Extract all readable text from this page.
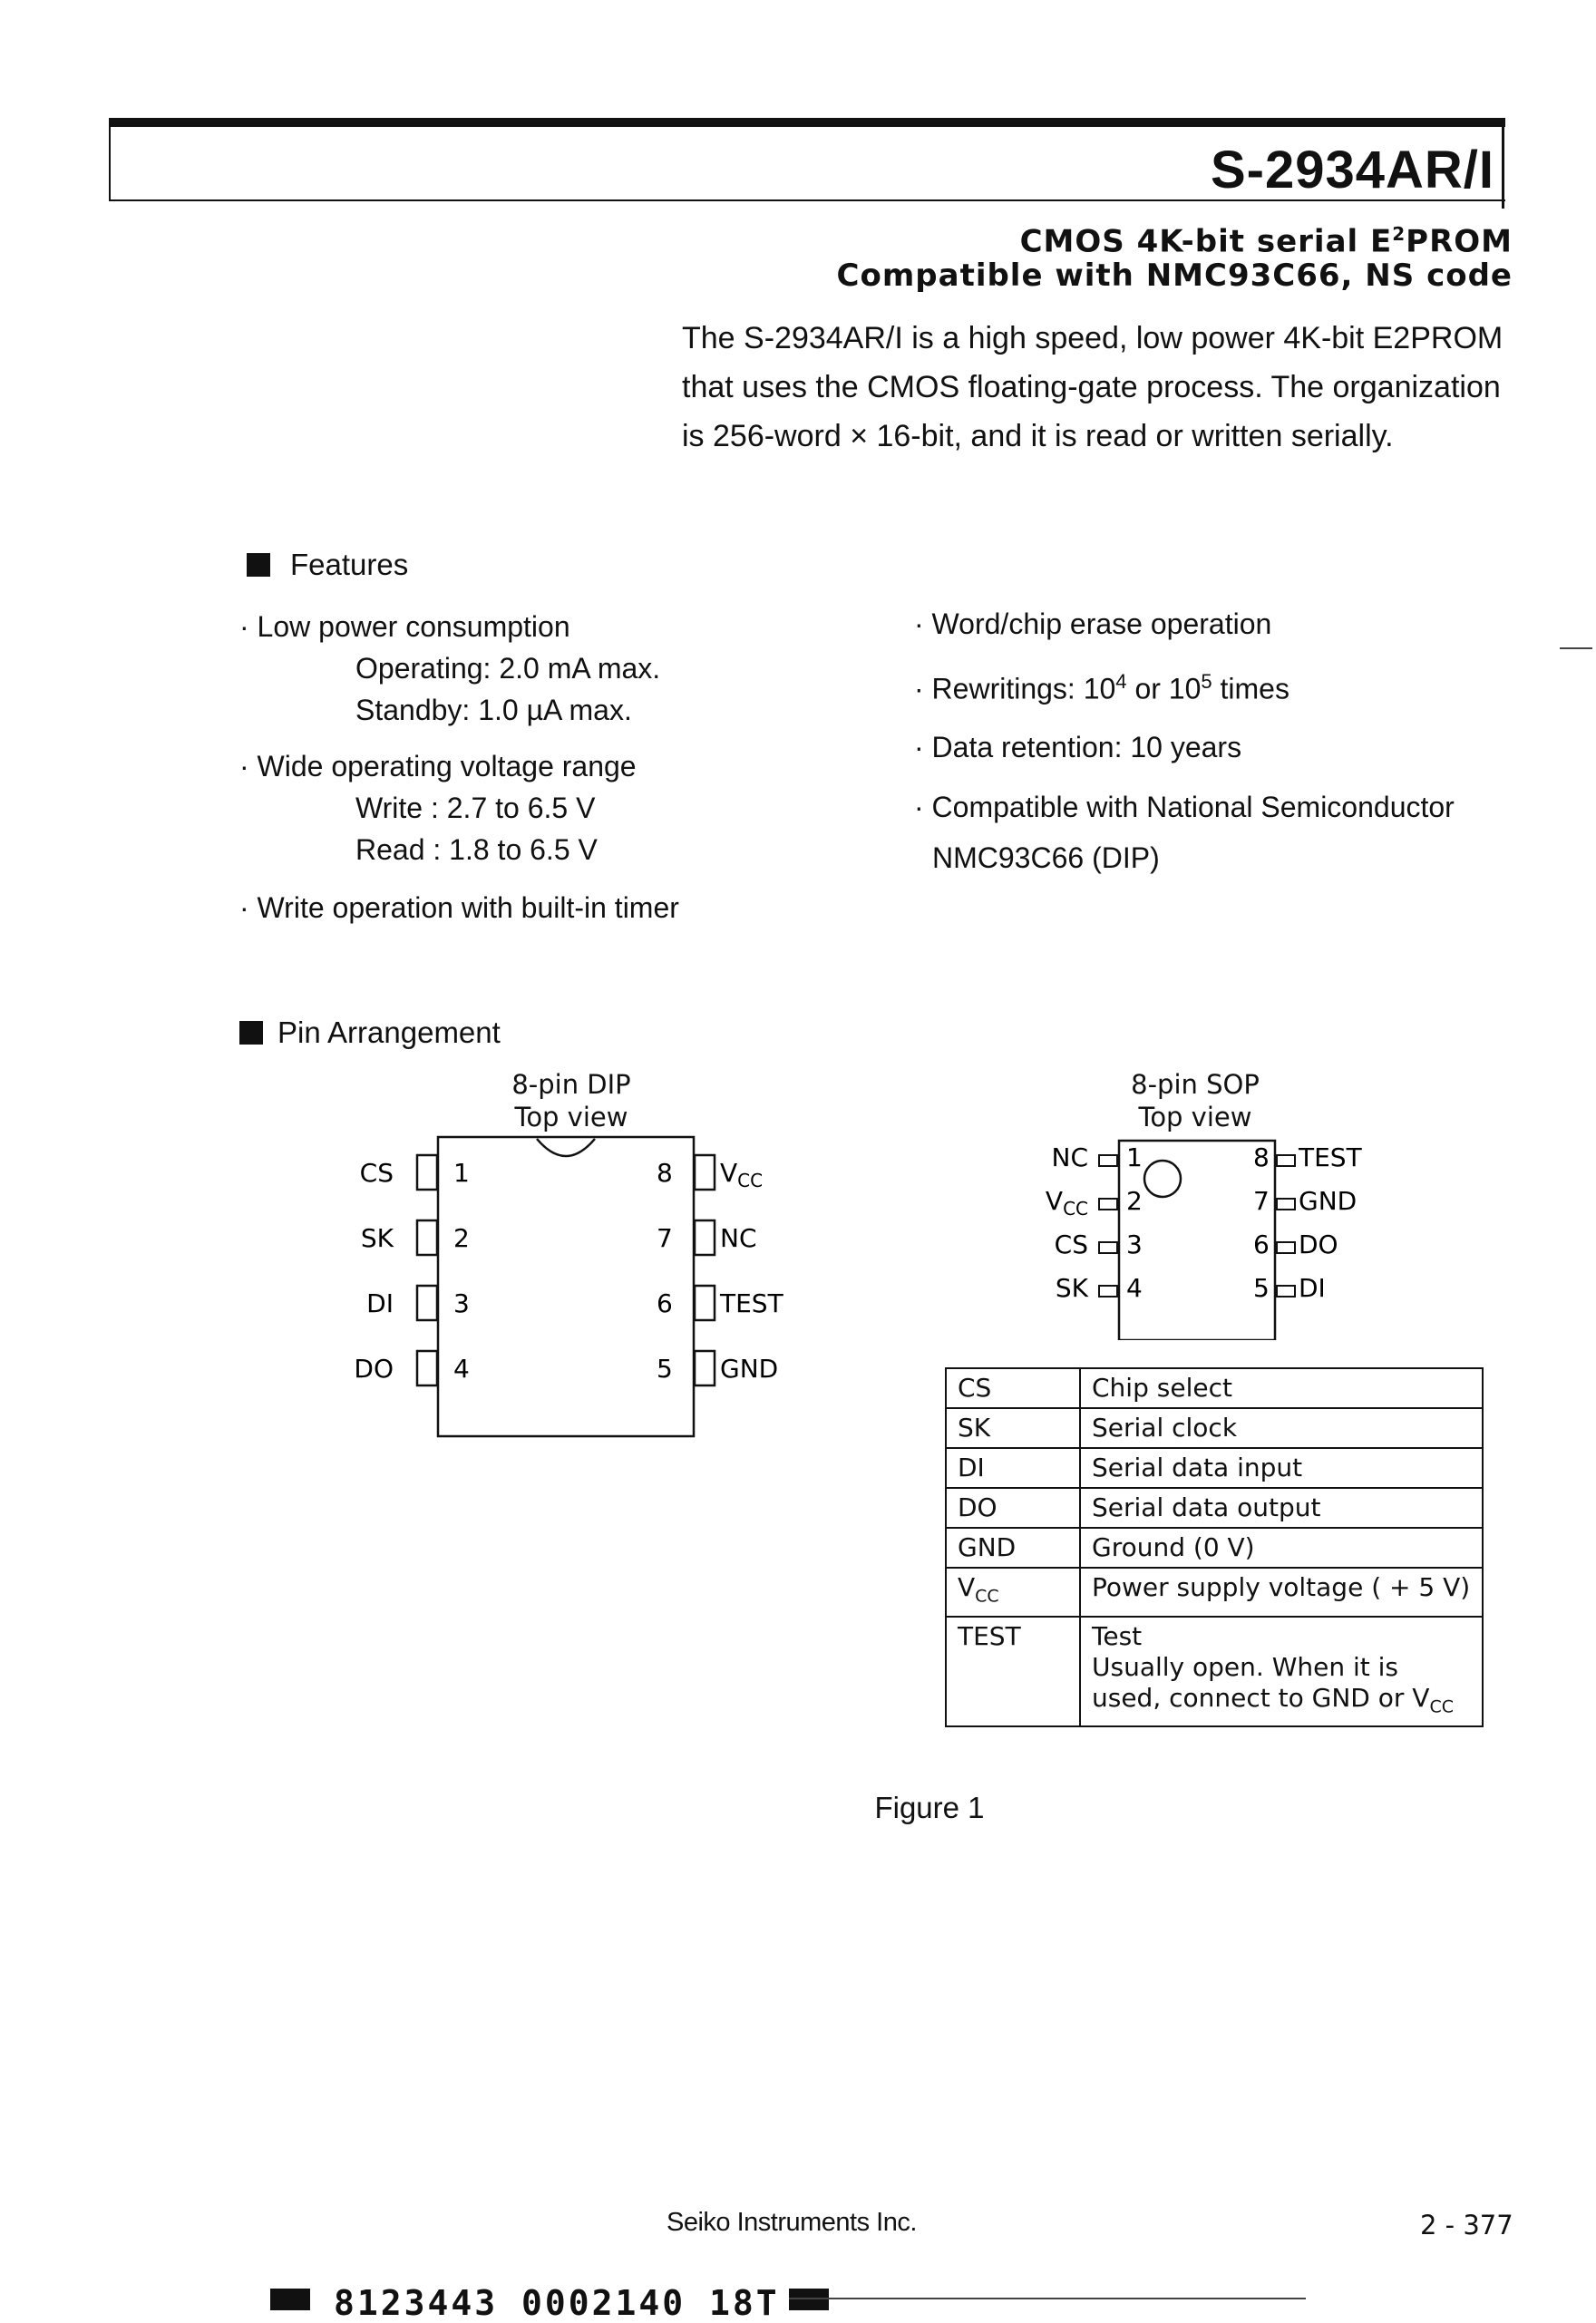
S-2934AR/I
CMOS 4K-bit serial $E^2PROM$
Compatible with NMC93C66, NS code
The S-2934AR/I is a high speed, low power 4K-bit E2PROM that uses the CMOS floating-gate process. The organization is 256-word × 16-bit, and it is read or written serially.
Features
· Low power consumption
Operating: 2.0 mA max.
Standby: 1.0 µA max.
· Wide operating voltage range
Write : 2.7 to 6.5 V
Read : 1.8 to 6.5 V
· Write operation with built-in timer
· Word/chip erase operation
· Rewritings: $10^4$ or $10^5$ times
· Data retention: 10 years
· Compatible with National Semiconductor
NMC93C66 (DIP)
Pin Arrangement
8-pin DIP
Top view
CS 1
SK 2
DI 3
DO 4
$V_{CC}$
8
NC
7
TEST
6
GND
5
8-pin SOP
Top view
NC 1
$V_{CC}$ 2
CS 3
SK 4
TEST
8
GND
7
DO
6
DI
5
CS	Chip select

SK	Serial clock

DI	Serial data input

DO	Serial data output

GND	Ground (0 V)

$V_{CC}$	Power supply voltage ( + 5 V)

TEST	Test
Usually open. When it is
used, connect to GND or $V_{CC}$
Figure 1
Seiko Instruments Inc.	2 - 377
8123443 0002140 18T
